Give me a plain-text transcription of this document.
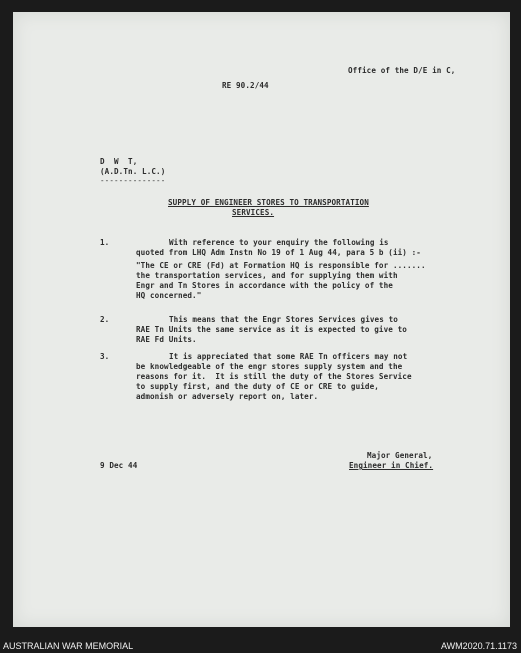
Office of the D/E in C,
RE 90.2/44
D  W  T,
(A.D.Tn. L.C.)
--------------
SUPPLY OF ENGINEER STORES TO TRANSPORTATION
SERVICES.
1.	With reference to your enquiry the following is
quoted from LHQ Adm Instn No 19 of 1 Aug 44, para 5 b (ii) :-
"The CE or CRE (Fd) at Formation HQ is responsible for .......
the transportation services, and for supplying them with
Engr and Tn Stores in accordance with the policy of the
HQ concerned."
2.	This means that the Engr Stores Services gives to
RAE Tn Units the same service as it is expected to give to
RAE Fd Units.
3.	It is appreciated that some RAE Tn officers may not
be knowledgeable of the engr stores supply system and the
reasons for it.  It is still the duty of the Stores Service
to supply first, and the duty of CE or CRE to guide,
admonish or adversely report on, later.
Major General,
Engineer in Chief.
9 Dec 44
AUSTRALIAN WAR MEMORIAL	AWM2020.71.1173
